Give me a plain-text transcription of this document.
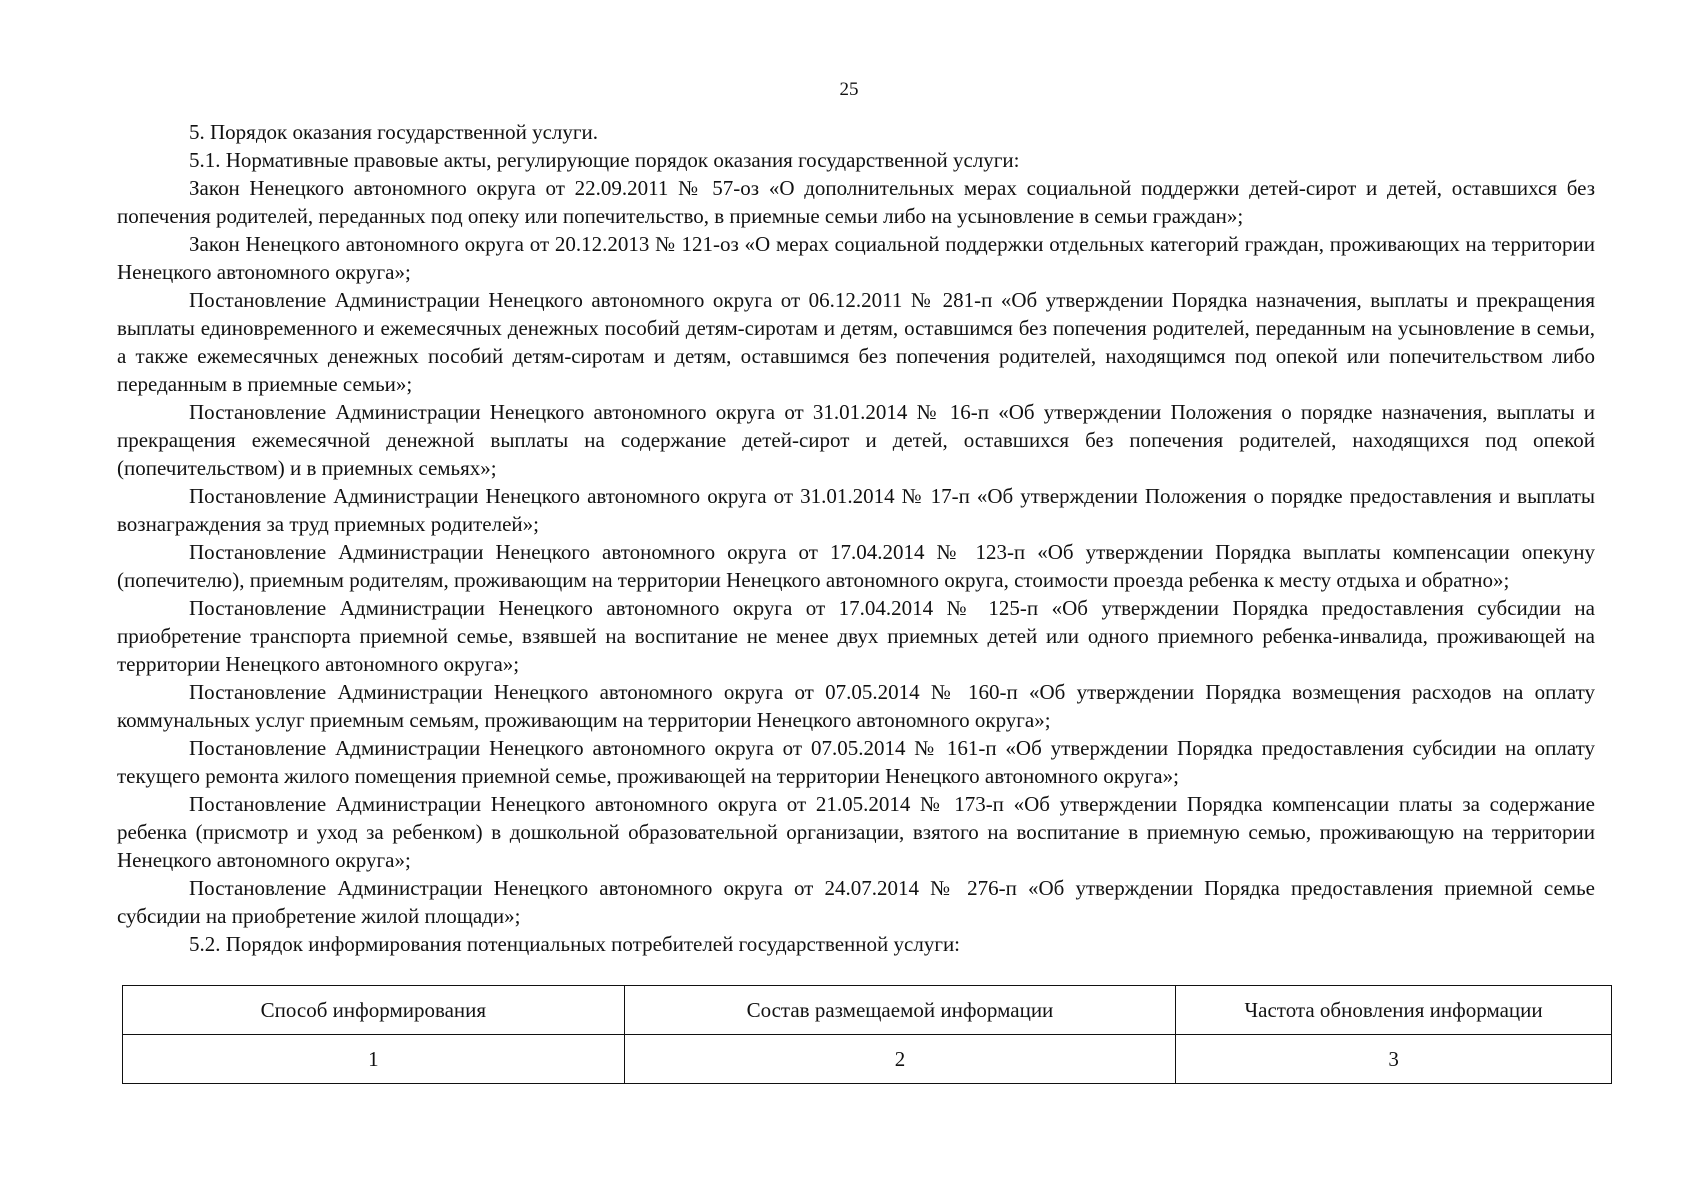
25

5. Порядок оказания государственной услуги.

5.1. Нормативные правовые акты, регулирующие порядок оказания государственной услуги:

Закон Ненецкого автономного округа от 22.09.2011 № 57-оз «О дополнительных мерах социальной поддержки детей-сирот и детей, оставшихся без попечения родителей, переданных под опеку или попечительство, в приемные семьи либо на усыновление в семьи граждан»;

Закон Ненецкого автономного округа от 20.12.2013 № 121-оз «О мерах социальной поддержки отдельных категорий граждан, проживающих на территории Ненецкого автономного округа»;

Постановление Администрации Ненецкого автономного округа от 06.12.2011 № 281-п «Об утверждении Порядка назначения, выплаты и прекращения выплаты единовременного и ежемесячных денежных пособий детям-сиротам и детям, оставшимся без попечения родителей, переданным на усыновление в семьи, а также ежемесячных денежных пособий детям-сиротам и детям, оставшимся без попечения родителей, находящимся под опекой или попечительством либо переданным в приемные семьи»;

Постановление Администрации Ненецкого автономного округа от 31.01.2014 № 16-п «Об утверждении Положения о порядке назначения, выплаты и прекращения ежемесячной денежной выплаты на содержание детей-сирот и детей, оставшихся без попечения родителей, находящихся под опекой (попечительством) и в приемных семьях»;

Постановление Администрации Ненецкого автономного округа от 31.01.2014 № 17-п «Об утверждении Положения о порядке предоставления и выплаты вознаграждения за труд приемных родителей»;

Постановление Администрации Ненецкого автономного округа от 17.04.2014 № 123-п «Об утверждении Порядка выплаты компенсации опекуну (попечителю), приемным родителям, проживающим на территории Ненецкого автономного округа, стоимости проезда ребенка к месту отдыха и обратно»;

Постановление Администрации Ненецкого автономного округа от 17.04.2014 № 125-п «Об утверждении Порядка предоставления субсидии на приобретение транспорта приемной семье, взявшей на воспитание не менее двух приемных детей или одного приемного ребенка-инвалида, проживающей на территории Ненецкого автономного округа»;

Постановление Администрации Ненецкого автономного округа от 07.05.2014 № 160-п «Об утверждении Порядка возмещения расходов на оплату коммунальных услуг приемным семьям, проживающим на территории Ненецкого автономного округа»;

Постановление Администрации Ненецкого автономного округа от 07.05.2014 № 161-п «Об утверждении Порядка предоставления субсидии на оплату текущего ремонта жилого помещения приемной семье, проживающей на территории Ненецкого автономного округа»;

Постановление Администрации Ненецкого автономного округа от 21.05.2014 № 173-п «Об утверждении Порядка компенсации платы за содержание ребенка (присмотр и уход за ребенком) в дошкольной образовательной организации, взятого на воспитание в приемную семью, проживающую на территории Ненецкого автономного округа»;

Постановление Администрации Ненецкого автономного округа от 24.07.2014 № 276-п «Об утверждении Порядка предоставления приемной семье субсидии на приобретение жилой площади»;

5.2. Порядок информирования потенциальных потребителей государственной услуги:

Способ информирования	Состав размещаемой информации	Частота обновления информации
1	2	3
